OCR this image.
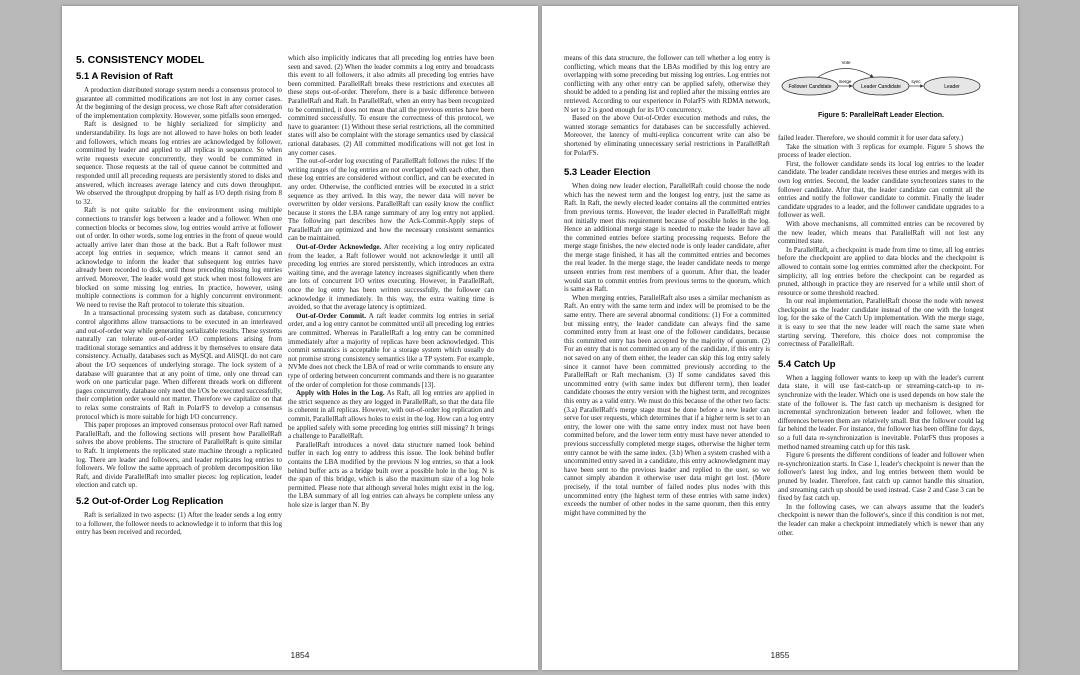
5. CONSISTENCY MODEL
5.1 A Revision of Raft

A production distributed storage system needs a consensus protocol to guarantee all committed modifications are not lost in any corner cases. At the beginning of the design process, we chose Raft after consideration of the implementation complexity. However, some pitfalls soon emerged.

Raft is designed to be highly serialized for simplicity and understandability. Its logs are not allowed to have holes on both leader and followers, which means log entries are acknowledged by follower, committed by leader and applied to all replicas in sequence. So when write requests execute concurrently, they would be committed in sequence. Those requests at the tail of queue cannot be committed and responded until all preceding requests are persistently stored to disks and answered, which increases average latency and cuts down throughput. We observed the throughput dropping by half as I/O depth rising from 8 to 32.

Raft is not quite suitable for the environment using multiple connections to transfer logs between a leader and a follower. When one connection blocks or becomes slow, log entries would arrive at follower out of order. In other words, some log entries in the front of queue would actually arrive later than those at the back. But a Raft follower must accept log entries in sequence, which means it cannot send an acknowledge to inform the leader that subsequent log entries have already been recorded to disk, until those preceding missing log entries arrived. Moreover, The leader would get stuck when most followers are blocked on some missing log entries. In practice, however, using multiple connections is common for a highly concurrent environment. We need to revise the Raft protocol to tolerate this situation.

In a transactional processing system such as database, concurrency control algorithms allow transactions to be executed in an interleaved and out-of-order way while generating serializable results. These systems naturally can tolerate out-of-order I/O completions arising from traditional storage semantics and address it by themselves to ensure data consistency. Actually, databases such as MySQL and AliSQL do not care about the I/O sequences of underlying storage. The lock system of a database will guarantee that at any point of time, only one thread can work on one particular page. When different threads work on different pages concurrently, database only need the I/Os be executed successfully, their completion order would not matter. Therefore we capitalize on that to relax some constraints of Raft in PolarFS to develop a consensus protocol which is more suitable for high I/O concurrency.

This paper proposes an improved consensus protocol over Raft named ParallelRaft, and the following sections will present how ParallelRaft solves the above problems. The structure of ParallelRaft is quite similar to Raft. It implements the replicated state machine through a replicated log. There are leader and followers, and leader replicates log entries to followers. We follow the same approach of problem decomposition like Raft, and divide ParallelRaft into smaller pieces: log replication, leader election and catch up.

5.2 Out-of-Order Log Replication

Raft is serialized in two aspects: (1) After the leader sends a log entry to a follower, the follower needs to acknowledge it to inform that this log entry has been received and recorded,

which also implicitly indicates that all preceding log entries have been seen and saved. (2) When the leader commits a log entry and broadcasts this event to all followers, it also admits all preceding log entries have been committed. ParallelRaft breaks these restrictions and executes all these steps out-of-order. Therefore, there is a basic difference between ParallelRaft and Raft. In ParallelRaft, when an entry has been recognized to be committed, it does not mean that all the previous entries have been committed successfully. To ensure the correctness of this protocol, we have to guarantee: (1) Without these serial restrictions, all the committed states will also be complaint with the storage semantics used by classical rational databases. (2) All committed modifications will not get lost in any corner cases.

The out-of-order log executing of ParallelRaft follows the rules: If the writing ranges of the log entries are not overlapped with each other, then these log entries are considered without conflict, and can be executed in any order. Otherwise, the conflicted entries will be executed in a strict sequence as they arrived. In this way, the newer data will never be overwritten by older versions. ParallelRaft can easily know the conflict because it stores the LBA range summary of any log entry not applied. The following part describes how the Ack-Commit-Apply steps of ParallelRaft are optimized and how the necessary consistent semantics can be maintained.

Out-of-Order Acknowledge. After receiving a log entry replicated from the leader, a Raft follower would not acknowledge it until all preceding log entries are stored persistently, which introduces an extra waiting time, and the average latency increases significantly when there are lots of concurrent I/O writes executing. However, in ParallelRaft, once the log entry has been written successfully, the follower can acknowledge it immediately. In this way, the extra waiting time is avoided, so that the average latency is optimized.

Out-of-Order Commit. A raft leader commits log entries in serial order, and a log entry cannot be committed until all preceding log entries are committed. Whereas in ParallelRaft a log entry can be committed immediately after a majority of replicas have been acknowledged. This commit semantics is acceptable for a storage system which usually do not promise strong consistency semantics like a TP system. For example, NVMe does not check the LBA of read or write commands to ensure any type of ordering between concurrent commands and there is no guarantee of the order of completion for those commands [13].

Apply with Holes in the Log. As Raft, all log entries are applied in the strict sequence as they are logged in ParallelRaft, so that the data file is coherent in all replicas. However, with out-of-order log replication and commit, ParallelRaft allows holes to exist in the log. How can a log entry be applied safely with some preceding log entries still missing? It brings a challenge to ParallelRaft.

ParallelRaft introduces a novel data structure named look behind buffer in each log entry to address this issue. The look behind buffer contains the LBA modified by the previous N log entries, so that a look behind buffer acts as a bridge built over a possible hole in the log. N is the span of this bridge, which is also the maximum size of a log hole permitted. Please note that although several holes might exist in the log, the LBA summary of all log entries can always be complete unless any hole size is larger than N. By

1854

means of this data structure, the follower can tell whether a log entry is conflicting, which means that the LBAs modified by this log entry are overlapping with some preceding but missing log entries. Log entries not conflicting with any other entry can be applied safely, otherwise they should be added to a pending list and replied after the missing entries are retrieved. According to our experience in PolarFS with RDMA network, N set to 2 is good enough for its I/O concurrency.

Based on the above Out-of-Order execution methods and rules, the wanted storage semantics for databases can be successfully achieved. Moreover, the latency of multi-replica concurrent write can also be shortened by eliminating unnecessary serial restrictions in ParallelRaft for PolarFS.

5.3 Leader Election

When doing new leader election, ParallelRaft could choose the node which has the newest term and the longest log entry, just the same as Raft. In Raft, the newly elected leader contains all the committed entries from previous terms. However, the leader elected in ParallelRaft might not initially meet this requirement because of possible holes in the log. Hence an additional merge stage is needed to make the leader have all the committed entries before starting processing requests. Before the merge stage finishes, the new elected node is only leader candidate, after the merge stage finished, it has all the committed entries and becomes the real leader. In the merge stage, the leader candidate needs to merge unseen entries from rest members of a quorum. After that, the leader would start to commit entries from previous terms to the quorum, which is same as Raft.

When merging entries, ParallelRaft also uses a similar mechanism as Raft. An entry with the same term and index will be promised to be the same entry. There are several abnormal conditions: (1) For a committed but missing entry, the leader candidate can always find the same committed entry from at least one of the follower candidates, because this committed entry has been accepted by the majority of quorum. (2) For an entry that is not committed on any of the candidate, if this entry is not saved on any of them either, the leader can skip this log entry safely since it cannot have been committed previously according to the ParallelRaft or Raft mechanism. (3) If some candidates saved this uncommitted entry (with same index but different term), then leader candidate chooses the entry version with the highest term, and recognizes this entry as a valid entry. We must do this because of the other two facts: (3.a) ParallelRaft's merge stage must be done before a new leader can serve for user requests, which determines that if a higher term is set to an entry, the lower one with the same entry index must not have been committed before, and the lower term entry must have never attended to previous successfully completed merge stages, otherwise the higher term entry cannot be with the same index. (3.b) When a system crashed with a uncommitted entry saved in a candidate, this entry acknowledgment may have been sent to the previous leader and replied to the user, so we cannot simply abandon it otherwise user data might get lost. (More precisely, if the total number of failed nodes plus nodes with this uncommitted entry (the highest term of these entries with same index) exceeds the number of other nodes in the same quorum, then this entry might have committed by the

Follower Candidate	Leader Candidate	Leader
Vote
merge	sync
Figure 5: ParallelRaft Leader Election.

failed leader. Therefore, we should commit it for user data safety.)

Take the situation with 3 replicas for example. Figure 5 shows the process of leader election.

First, the follower candidate sends its local log entries to the leader candidate. The leader candidate receives these entries and merges with its own log entries. Second, the leader candidate synchronizes states to the follower candidate. After that, the leader candidate can commit all the entries and notify the follower candidate to commit. Finally the leader candidate upgrades to a leader, and the follower candidate upgrades to a follower as well.

With above mechanisms, all committed entries can be recovered by the new leader, which means that ParallelRaft will not lost any committed state.

In ParallelRaft, a checkpoint is made from time to time, all log entries before the checkpoint are applied to data blocks and the checkpoint is allowed to contain some log entries committed after the checkpoint. For simplicity, all log entries before the checkpoint can be regarded as pruned, although in practice they are reserved for a while until short of resource or some threshold reached.

In our real implementation, ParallelRaft choose the node with newest checkpoint as the leader candidate instead of the one with the longest log, for the sake of the Catch Up implementation. With the merge stage, it is easy to see that the new leader will reach the same state when starting serving. Therefore, this choice does not compromise the correctness of ParallelRaft.

5.4 Catch Up

When a lagging follower wants to keep up with the leader's current data state, it will use fast-catch-up or streaming-catch-up to re-synchronize with the leader. Which one is used depends on how stale the state of the follower is. The fast catch up mechanism is designed for incremental synchronization between leader and follower, when the differences between them are relatively small. But the follower could lag far behind the leader. For instance, the follower has been offline for days, so a full data re-synchronization is inevitable. PolarFS thus proposes a method named streaming catch up for this task.

Figure 6 presents the different conditions of leader and follower when re-synchronization starts. In Case 1, leader's checkpoint is newer than the follower's latest log index, and log entries between them would be pruned by leader. Therefore, fast catch up cannot handle this situation, and streaming catch up should be used instead. Case 2 and Case 3 can be fixed by fast catch up.

In the following cases, we can always assume that the leader's checkpoint is newer than the follower's, since if this condition is not met, the leader can make a checkpoint immediately which is newer than any other.

1855
